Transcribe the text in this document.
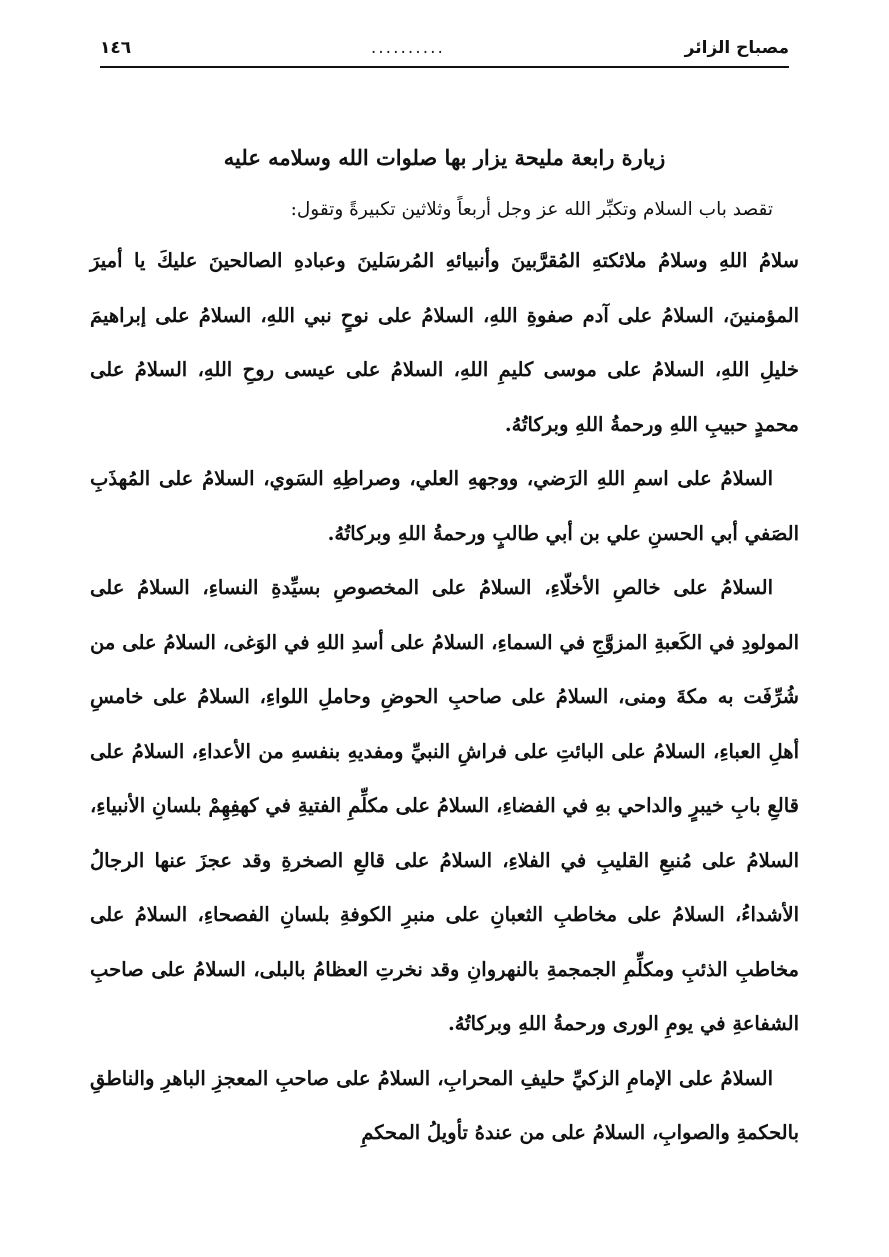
مصباح الزائر
..........
١٤٦
زيارة رابعة مليحة يزار بها صلوات الله وسلامه عليه
تقصد باب السلام وتكبِّر الله عز وجل أربعاً وثلاثين تكبيرةً وتقول:

سلامُ اللهِ وسلامُ ملائكتهِ المُقرَّبينَ وأنبيائهِ المُرسَلينَ وعبادهِ الصالحينَ عليكَ يا أميرَ المؤمنينَ، السلامُ على آدم صفوةِ اللهِ، السلامُ على نوحٍ نبي اللهِ، السلامُ على إبراهيمَ خليلِ اللهِ، السلامُ على موسى كليمِ اللهِ، السلامُ على عيسى روحِ اللهِ، السلامُ على محمدٍ حبيبِ اللهِ ورحمةُ اللهِ وبركاتُهُ.

السلامُ على اسمِ اللهِ الرَضي، ووجههِ العلي، وصراطِهِ السَوي، السلامُ على المُهذَبِ الصَفي أبي الحسنِ علي بن أبي طالبٍ ورحمةُ اللهِ وبركاتُهُ.

السلامُ على خالصِ الأخلّاءِ، السلامُ على المخصوصِ بسيِّدةِ النساءِ، السلامُ على المولودِ في الكَعبةِ المزوَّجِ في السماءِ، السلامُ على أسدِ اللهِ في الوَغى، السلامُ على من شُرِّفَت به مكةَ ومنى، السلامُ على صاحبِ الحوضِ وحاملِ اللواءِ، السلامُ على خامسِ أهلِ العباءِ، السلامُ على البائتِ على فراشِ النبيِّ ومفديهِ بنفسهِ من الأعداءِ، السلامُ على قالعِ بابِ خيبرٍ والداحي بهِ في الفضاءِ، السلامُ على مكلِّمِ الفتيةِ في كهفِهِمْ بلسانِ الأنبياءِ، السلامُ على مُنبعِ القليبِ في الفلاءِ، السلامُ على قالعِ الصخرةِ وقد عجزَ عنها الرجالُ الأشداءُ، السلامُ على مخاطبِ الثعبانِ على منبرِ الكوفةِ بلسانِ الفصحاءِ، السلامُ على مخاطبِ الذئبِ ومكلِّمِ الجمجمةِ بالنهروانِ وقد نخرتِ العظامُ بالبلى، السلامُ على صاحبِ الشفاعةِ في يومِ الورى ورحمةُ اللهِ وبركاتُهُ.

السلامُ على الإمامِ الزكيِّ حليفِ المحرابِ، السلامُ على صاحبِ المعجزِ الباهرِ والناطقِ بالحكمةِ والصوابِ، السلامُ على من عندهُ تأويلُ المحكمِ
